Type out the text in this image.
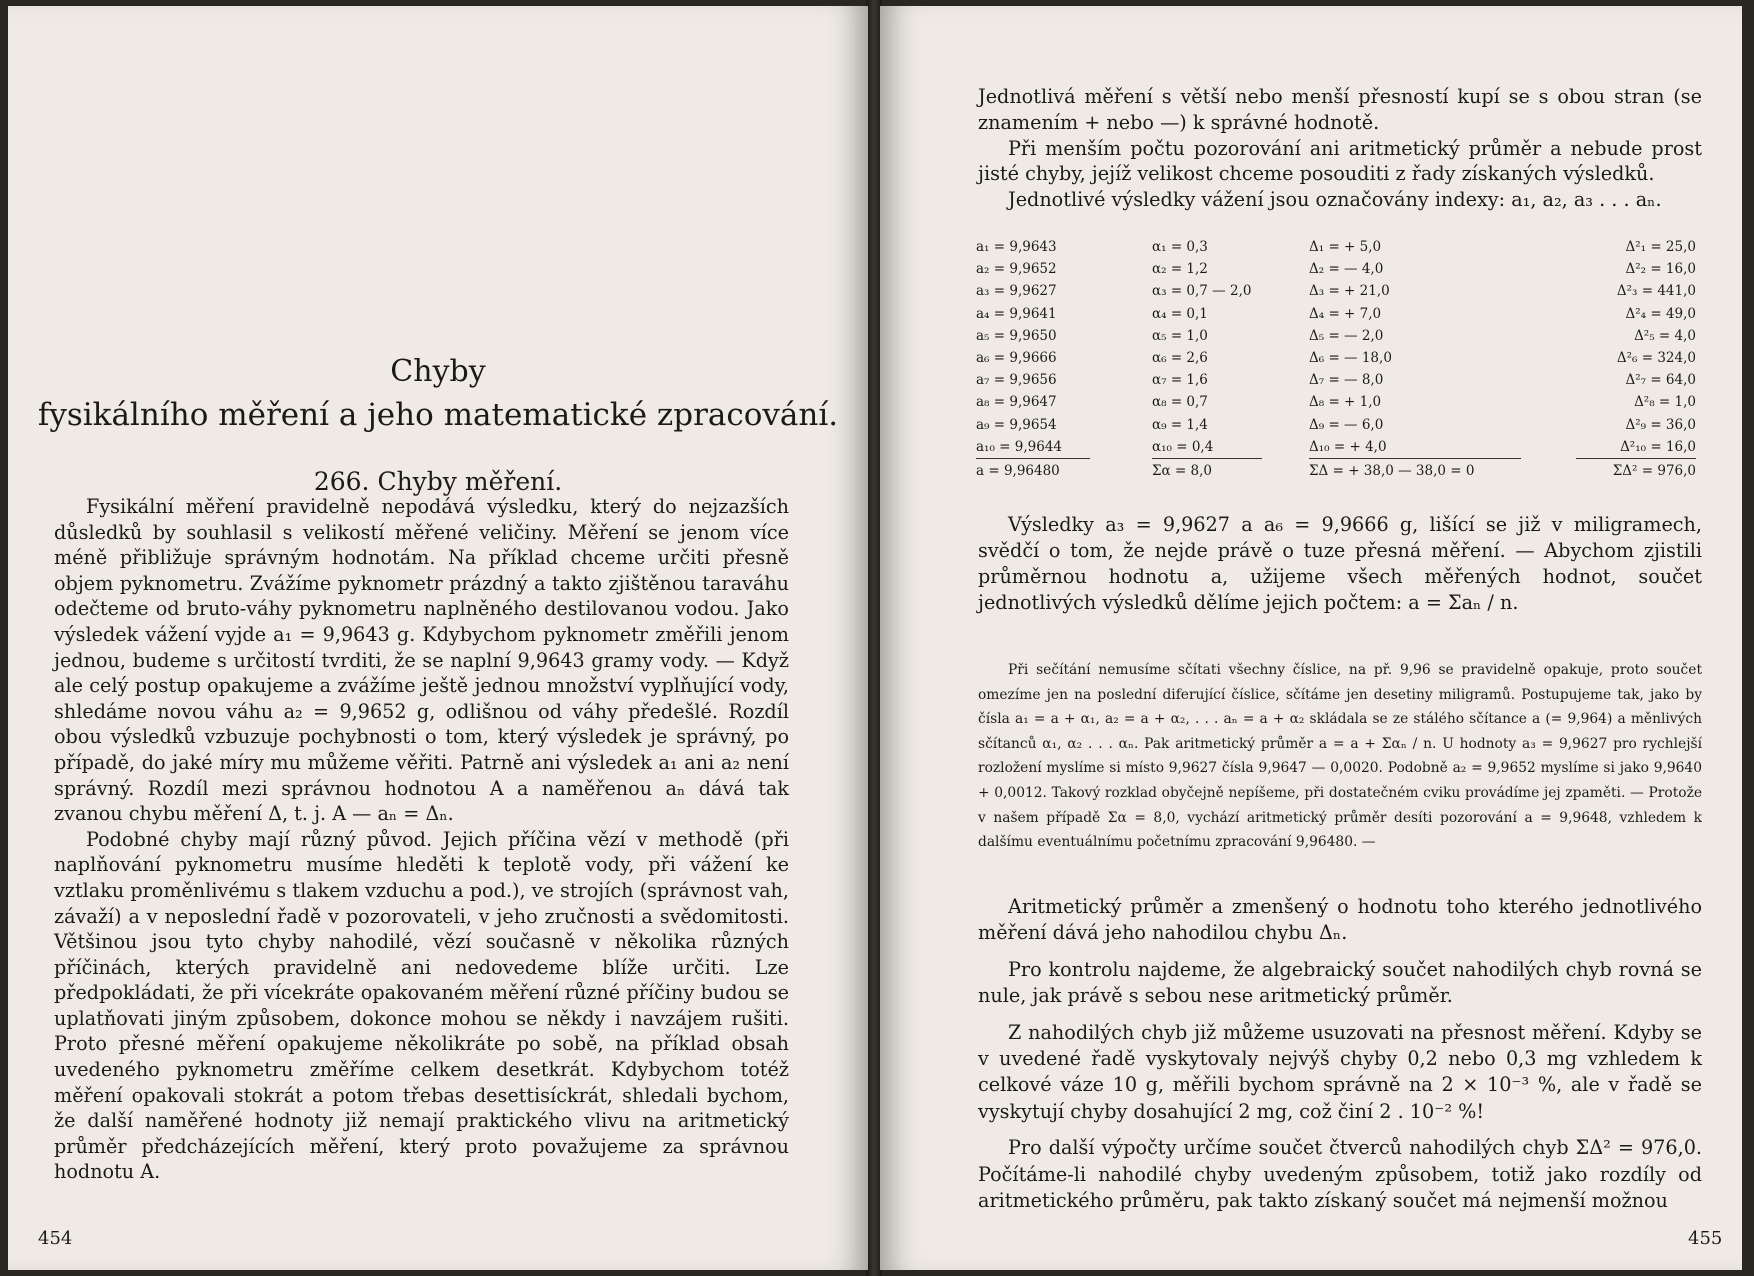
Chyby

fysikálního měření a jeho matematické zpracování.

266. Chyby měření.

Fysikální měření pravidelně nepodává výsledku, který do nejzazších důsledků by souhlasil s velikostí měřené veličiny. Měření se jenom více méně přibližuje správným hodnotám. Na příklad chceme určiti přesně objem pyknometru. Zvážíme pyknometr prázdný a takto zjištěnou taraváhu odečteme od bruto-váhy pyknometru naplněného destilovanou vodou. Jako výsledek vážení vyjde a₁ = 9,9643 g. Kdybychom pyknometr změřili jenom jednou, budeme s určitostí tvrditi, že se naplní 9,9643 gramy vody. — Když ale celý postup opakujeme a zvážíme ještě jednou množství vyplňující vody, shledáme novou váhu a₂ = 9,9652 g, odlišnou od váhy předešlé. Rozdíl obou výsledků vzbuzuje pochybnosti o tom, který výsledek je správný, po případě, do jaké míry mu můžeme věřiti. Patrně ani výsledek a₁ ani a₂ není správný. Rozdíl mezi správnou hodnotou A a naměřenou aₙ dává tak zvanou chybu měření Δ, t. j. A — aₙ = Δₙ.

Podobné chyby mají různý původ. Jejich příčina vězí v methodě (při naplňování pyknometru musíme hleděti k teplotě vody, při vážení ke vztlaku proměnlivému s tlakem vzduchu a pod.), ve strojích (správnost vah, závaží) a v neposlední řadě v pozorovateli, v jeho zručnosti a svědomitosti. Většinou jsou tyto chyby nahodilé, vězí současně v několika různých příčinách, kterých pravidelně ani nedovedeme blíže určiti. Lze předpokládati, že při vícekráte opakovaném měření různé příčiny budou se uplatňovati jiným způsobem, dokonce mohou se někdy i navzájem rušiti. Proto přesné měření opakujeme několikráte po sobě, na příklad obsah uvedeného pyknometru změříme celkem desetkrát. Kdybychom totéž měření opakovali stokrát a potom třebas desettisíckrát, shledali bychom, že další naměřené hodnoty již nemají praktického vlivu na aritmetický průměr předcházejících měření, který proto považujeme za správnou hodnotu A.

454

Jednotlivá měření s větší nebo menší přesností kupí se s obou stran (se znamením + nebo —) k správné hodnotě.

Při menším počtu pozorování ani aritmetický průměr a nebude prost jisté chyby, jejíž velikost chceme posouditi z řady získaných výsledků.

Jednotlivé výsledky vážení jsou označovány indexy: a₁, a₂, a₃ . . . aₙ.

a₁ = 9,9643
a₂ = 9,9652
a₃ = 9,9627
a₄ = 9,9641
a₅ = 9,9650
a₆ = 9,9666
a₇ = 9,9656
a₈ = 9,9647
a₉ = 9,9654
a₁₀ = 9,9644
a = 9,96480
α₁ = 0,3
α₂ = 1,2
α₃ = 0,7 — 2,0
α₄ = 0,1
α₅ = 1,0
α₆ = 2,6
α₇ = 1,6
α₈ = 0,7
α₉ = 1,4
α₁₀ = 0,4
Σα = 8,0
Δ₁ = + 5,0
Δ₂ = — 4,0
Δ₃ = + 21,0
Δ₄ = + 7,0
Δ₅ = — 2,0
Δ₆ = — 18,0
Δ₇ = — 8,0
Δ₈ = + 1,0
Δ₉ = — 6,0
Δ₁₀ = + 4,0
ΣΔ = + 38,0 — 38,0 = 0
Δ²₁ = 25,0
Δ²₂ = 16,0
Δ²₃ = 441,0
Δ²₄ = 49,0
Δ²₅ = 4,0
Δ²₆ = 324,0
Δ²₇ = 64,0
Δ²₈ = 1,0
Δ²₉ = 36,0
Δ²₁₀ = 16,0
ΣΔ² = 976,0

Výsledky a₃ = 9,9627 a a₆ = 9,9666 g, lišící se již v miligramech, svědčí o tom, že nejde právě o tuze přesná měření. — Abychom zjistili průměrnou hodnotu a, užijeme všech měřených hodnot, součet jednotlivých výsledků dělíme jejich počtem: a = Σaₙ / n.

Při sečítání nemusíme sčítati všechny číslice, na př. 9,96 se pravidelně opakuje, proto součet omezíme jen na poslední diferující číslice, sčítáme jen desetiny miligramů. Postupujeme tak, jako by čísla a₁ = a + α₁, a₂ = a + α₂, . . . aₙ = a + α₂ skládala se ze stálého sčítance a (= 9,964) a měnlivých sčítanců α₁, α₂ . . . αₙ. Pak aritmetický průměr a = a + Σαₙ / n. U hodnoty a₃ = 9,9627 pro rychlejší rozložení myslíme si místo 9,9627 čísla 9,9647 — 0,0020. Podobně a₂ = 9,9652 myslíme si jako 9,9640 + 0,0012. Takový rozklad obyčejně nepíšeme, při dostatečném cviku provádíme jej zpaměti. — Protože v našem případě Σα = 8,0, vychází aritmetický průměr desíti pozorování a = 9,9648, vzhledem k dalšímu eventuálnímu početnímu zpracování 9,96480. —

Aritmetický průměr a zmenšený o hodnotu toho kterého jednotlivého měření dává jeho nahodilou chybu Δₙ.

Pro kontrolu najdeme, že algebraický součet nahodilých chyb rovná se nule, jak právě s sebou nese aritmetický průměr.

Z nahodilých chyb již můžeme usuzovati na přesnost měření. Kdyby se v uvedené řadě vyskytovaly nejvýš chyby 0,2 nebo 0,3 mg vzhledem k celkové váze 10 g, měřili bychom správně na 2 × 10⁻³ %, ale v řadě se vyskytují chyby dosahující 2 mg, což činí 2 . 10⁻² %!

Pro další výpočty určíme součet čtverců nahodilých chyb ΣΔ² = 976,0. Počítáme-li nahodilé chyby uvedeným způsobem, totiž jako rozdíly od aritmetického průměru, pak takto získaný součet má nejmenší možnou

455
